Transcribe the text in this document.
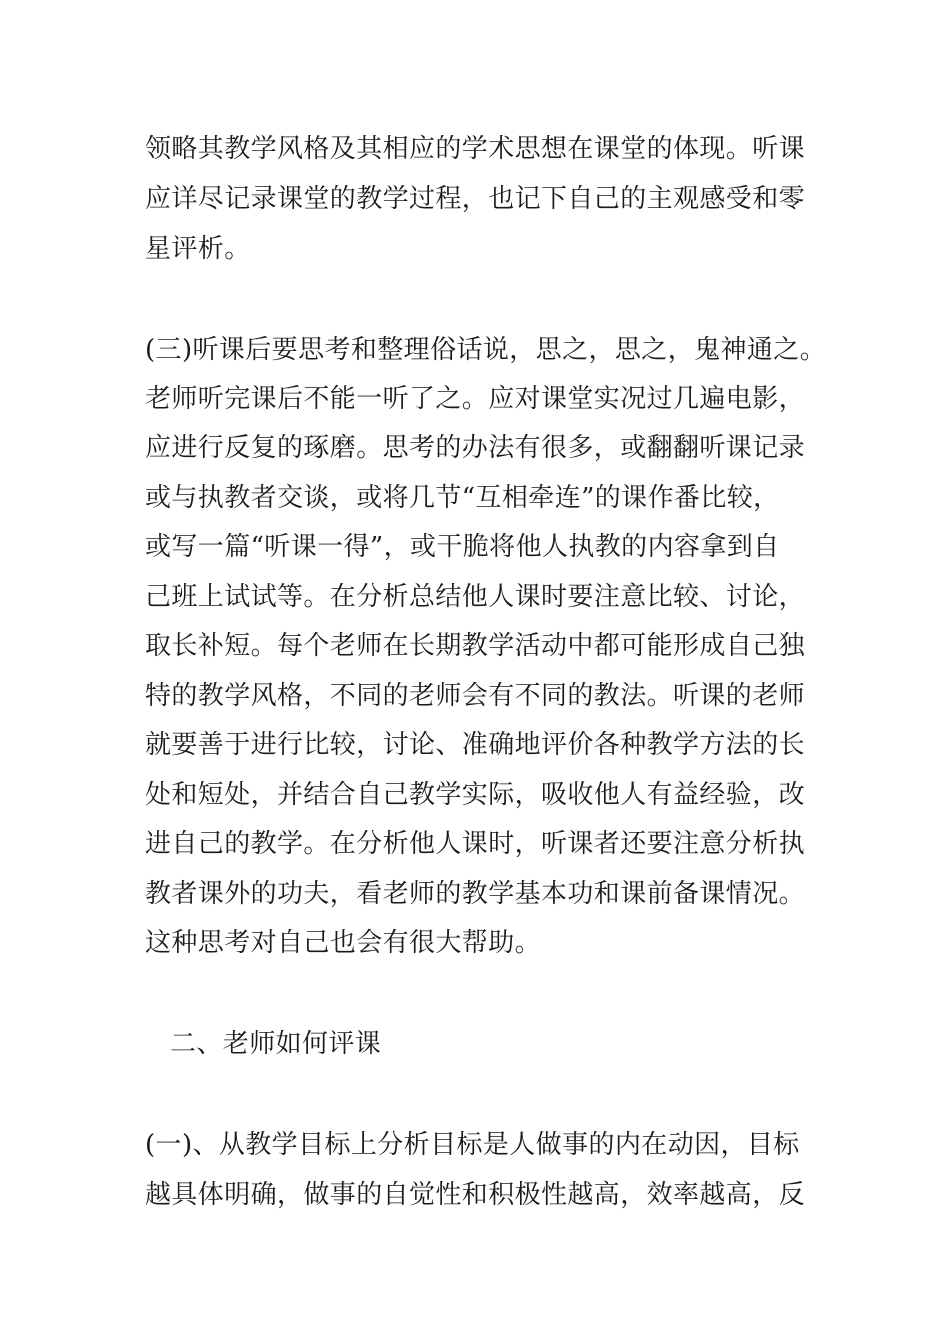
领略其教学风格及其相应的学术思想在课堂的体现。听课
应详尽记录课堂的教学过程，也记下自己的主观感受和零
星评析。
(三)听课后要思考和整理俗话说，思之，思之，鬼神通之。
老师听完课后不能一听了之。应对课堂实况过几遍电影，
应进行反复的琢磨。思考的办法有很多，或翻翻听课记录
或与执教者交谈，或将几节“互相牵连”的课作番比较，
或写一篇“听课一得”，或干脆将他人执教的内容拿到自
己班上试试等。在分析总结他人课时要注意比较、讨论，
取长补短。每个老师在长期教学活动中都可能形成自己独
特的教学风格，不同的老师会有不同的教法。听课的老师
就要善于进行比较，讨论、准确地评价各种教学方法的长
处和短处，并结合自己教学实际，吸收他人有益经验，改
进自己的教学。在分析他人课时，听课者还要注意分析执
教者课外的功夫，看老师的教学基本功和课前备课情况。
这种思考对自己也会有很大帮助。
二、老师如何评课
(一)、从教学目标上分析目标是人做事的内在动因，目标
越具体明确，做事的自觉性和积极性越高，效率越高，反
